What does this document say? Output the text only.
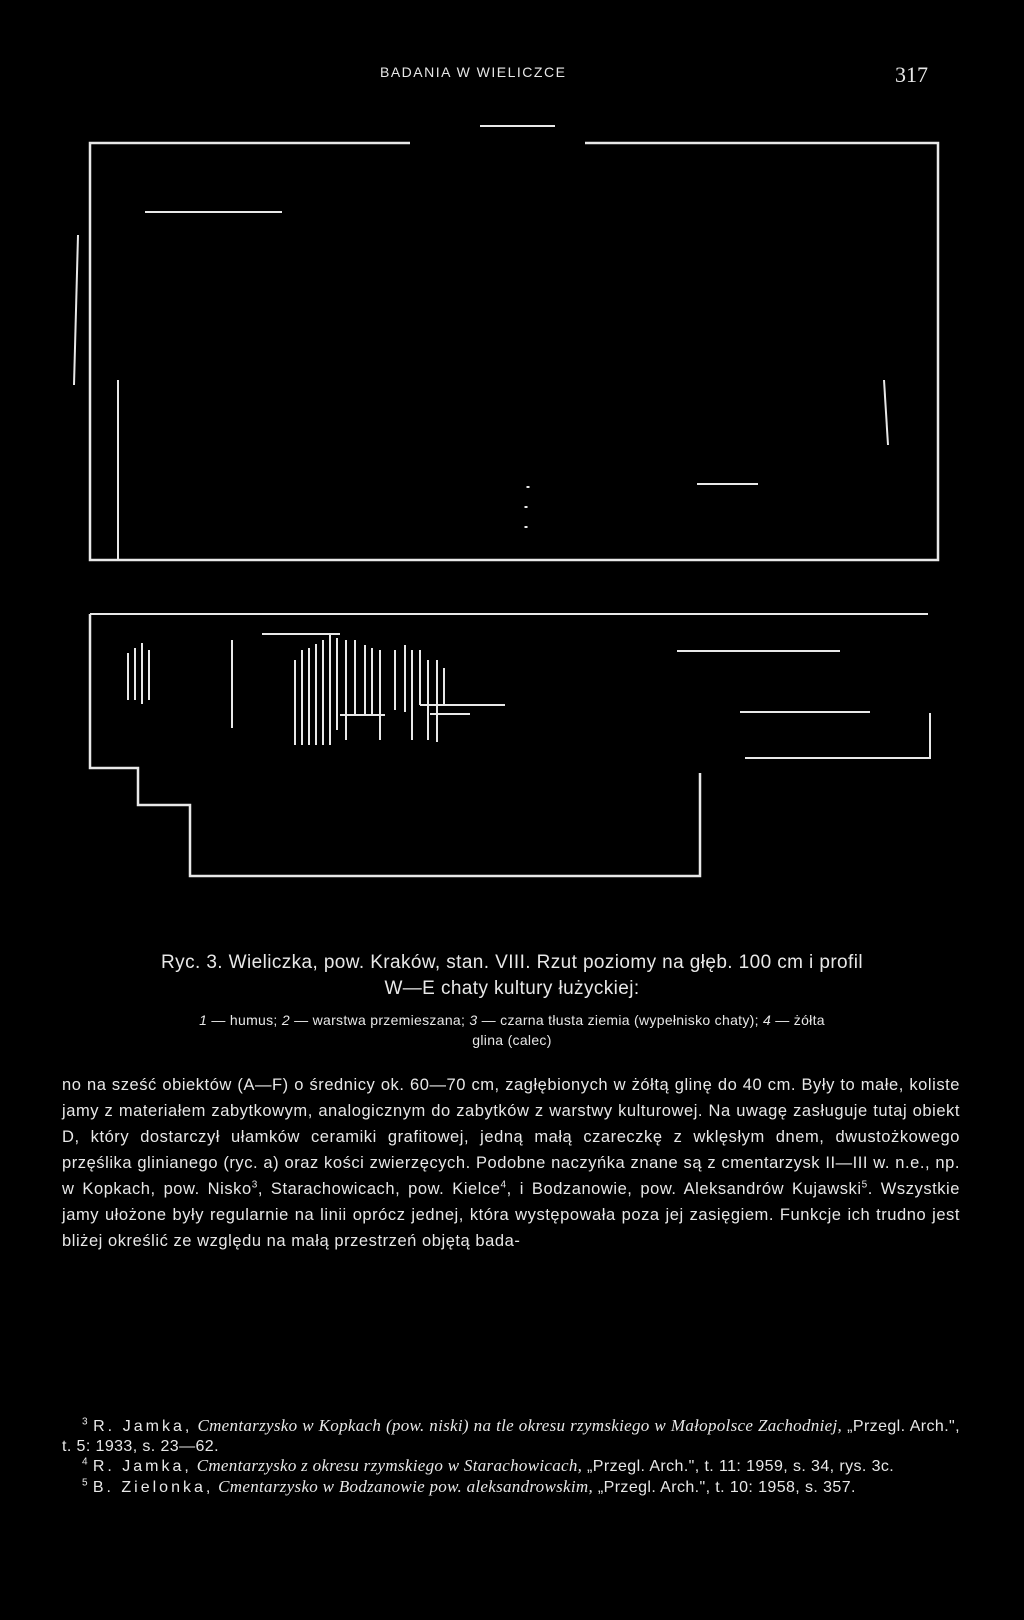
BADANIA W WIELICZCE	317
Ryc. 3. Wieliczka, pow. Kraków, stan. VIII. Rzut poziomy na głęb. 100 cm i profil
W—E chaty kultury łużyckiej:
1 — humus; 2 — warstwa przemieszana; 3 — czarna tłusta ziemia (wypełnisko chaty); 4 — żółta
glina (calec)
no na sześć obiektów (A—F) o średnicy ok. 60—70 cm, zagłębionych w żółtą glinę do 40 cm. Były to małe, koliste jamy z materiałem zabytkowym, analogicznym do zabytków z warstwy kulturowej. Na uwagę zasługuje tutaj obiekt D, który dostarczył ułamków ceramiki grafitowej, jedną małą czareczkę z wklęsłym dnem, dwustożkowego przęślika glinianego (ryc. a) oraz kości zwierzęcych. Podobne naczyńka znane są z cmentarzysk II—III w. n.e., np. w Kopkach, pow. Nisko$^3$, Starachowicach, pow. Kielce$^4$, i Bodzanowie, pow. Aleksandrów Kujawski$^5$. Wszystkie jamy ułożone były regularnie na linii oprócz jednej, która występowała poza jej zasięgiem. Funkcje ich trudno jest bliżej określić ze względu na małą przestrzeń objętą bada-

$^3$ R. Jamka, Cmentarzysko w Kopkach (pow. niski) na tle okresu rzymskiego w Małopolsce Zachodniej, „Przegl. Arch.", t. 5: 1933, s. 23—62.

$^4$ R. Jamka, Cmentarzysko z okresu rzymskiego w Starachowicach, „Przegl. Arch.", t. 11: 1959, s. 34, rys. 3c.

$^5$ B. Zielonka, Cmentarzysko w Bodzanowie pow. aleksandrowskim, „Przegl. Arch.", t. 10: 1958, s. 357.
